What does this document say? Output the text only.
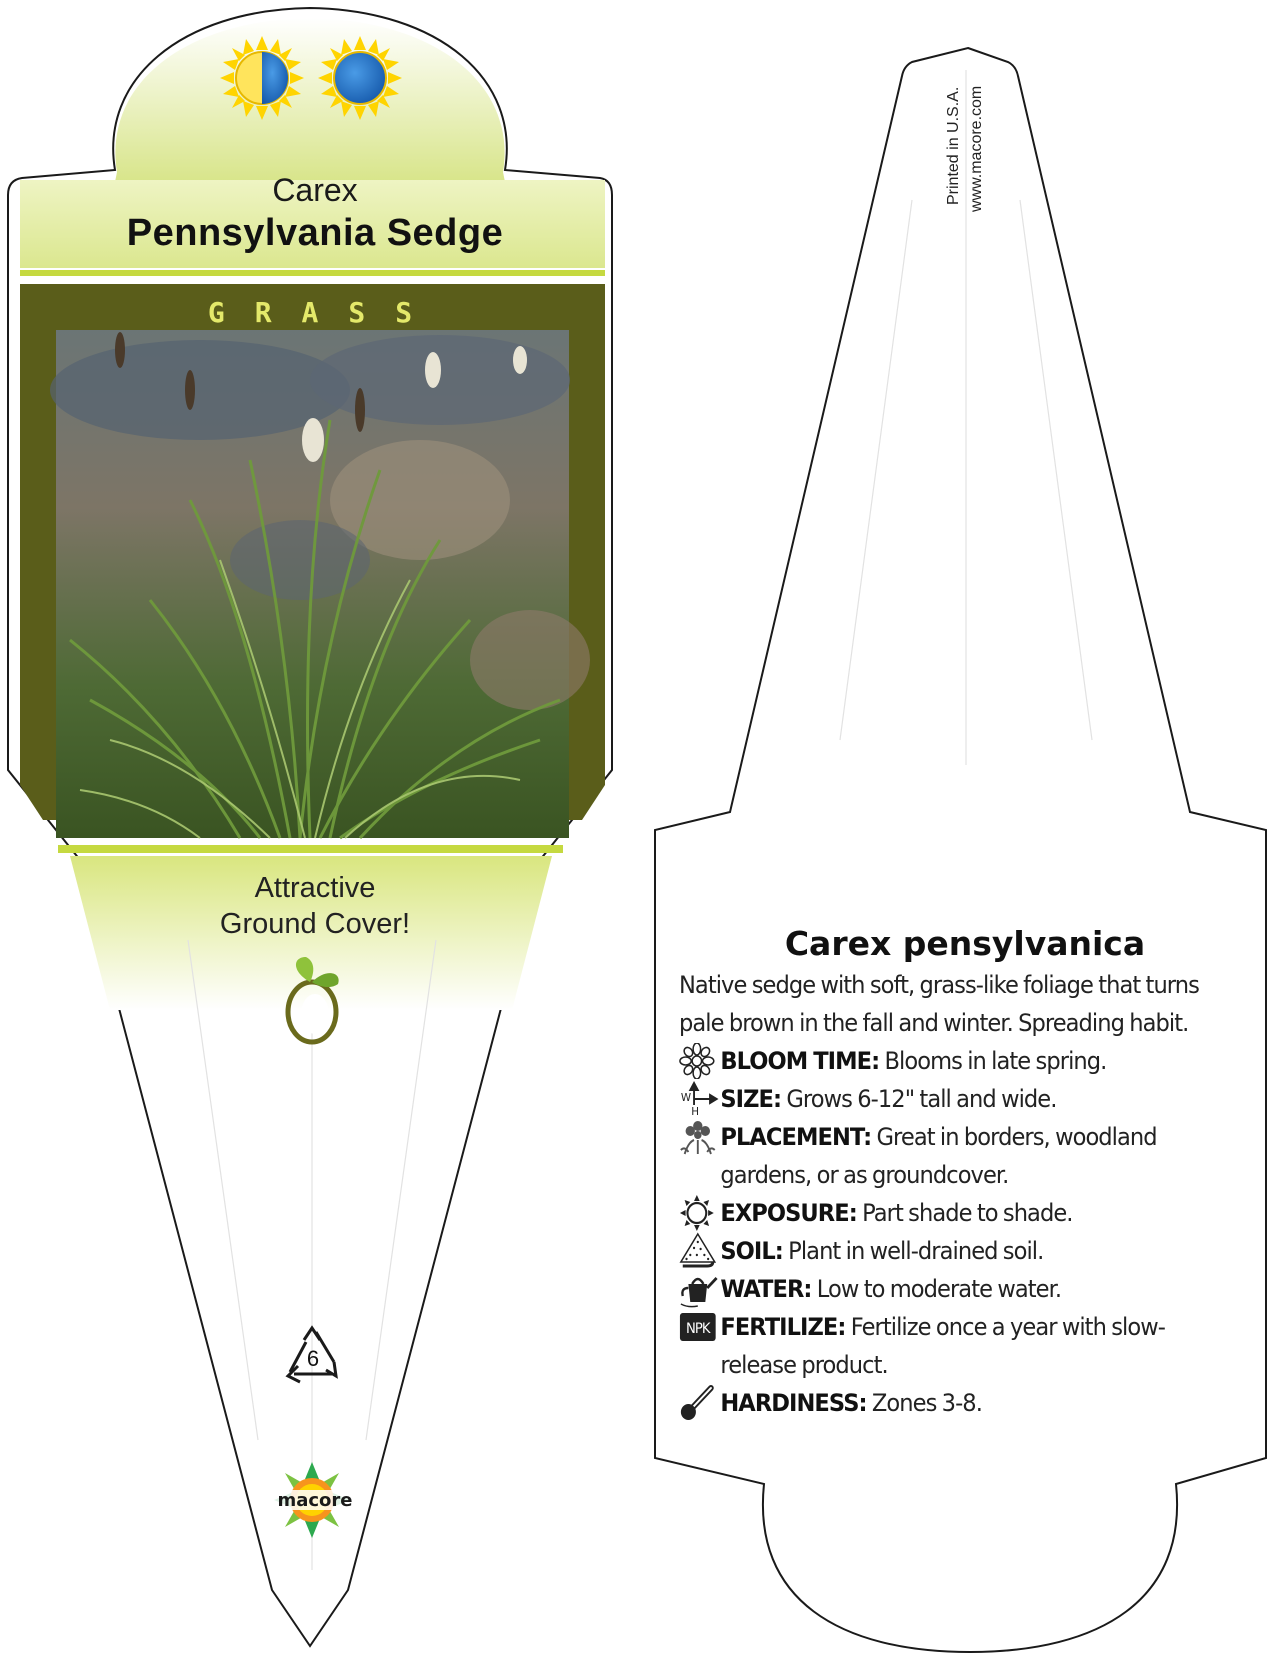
Carex
Pennsylvania Sedge
GRASS
Attractive
Ground Cover!
6
macore
Printed in U.S.A. www.macore.com
Carex pensylvanica

Native sedge with soft, grass-like foliage that turns pale brown in the fall and winter. Spreading habit.

BLOOM TIME: Blooms in late spring.
W
H SIZE: Grows 6-12" tall and wide.
PLACEMENT: Great in borders, woodland gardens, or as groundcover.
EXPOSURE: Part shade to shade.
SOIL: Plant in well-drained soil.
WATER: Low to moderate water.
NPK FERTILIZE: Fertilize once a year with slow-release product.
HARDINESS: Zones 3-8.
